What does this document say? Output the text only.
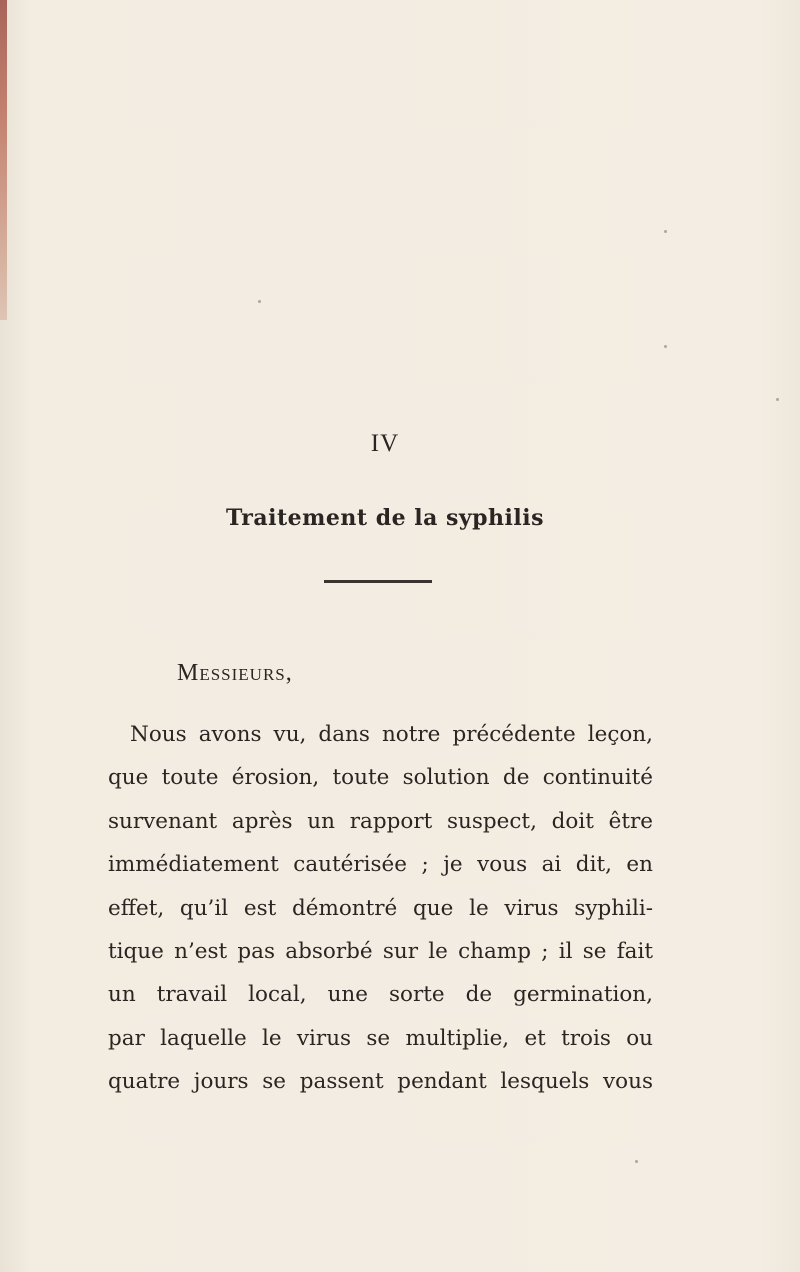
IV
Traitement de la syphilis
Messieurs,
Nous avons vu, dans notre précédente leçon,
que toute érosion, toute solution de continuité
survenant après un rapport suspect, doit être
immédiatement cautérisée ; je vous ai dit, en
effet, qu’il est démontré que le virus syphili-
tique n’est pas absorbé sur le champ ; il se fait
un travail local, une sorte de germination,
par laquelle le virus se multiplie, et trois ou
quatre jours se passent pendant lesquels vous
